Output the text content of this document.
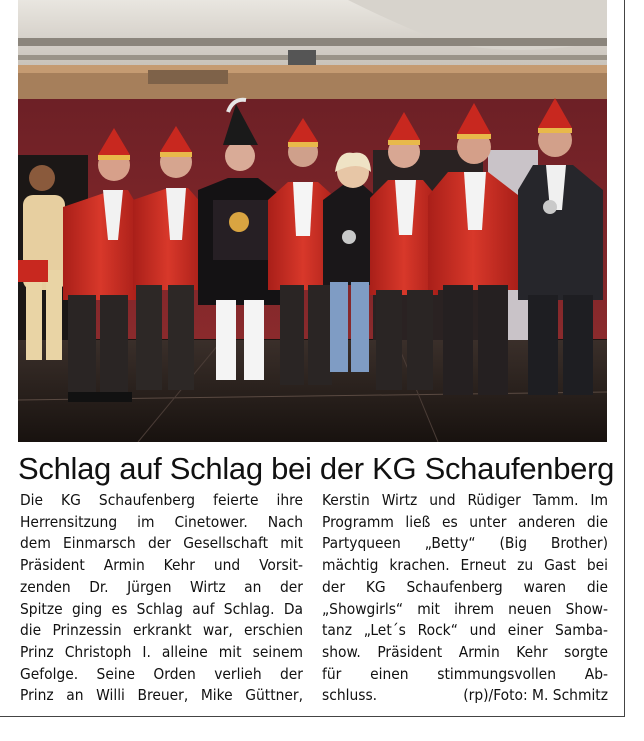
Schlag auf Schlag bei der KG Schaufenberg

Die KG Schaufenberg feierte ihre
Herrensitzung im Cinetower. Nach
dem Einmarsch der Gesellschaft mit
Präsident Armin Kehr und Vorsit-
zenden Dr. Jürgen Wirtz an der
Spitze ging es Schlag auf Schlag. Da
die Prinzessin erkrankt war, erschien
Prinz Christoph I. alleine mit seinem
Gefolge. Seine Orden verlieh der
Prinz an Willi Breuer, Mike Güttner,

Kerstin Wirtz und Rüdiger Tamm. Im
Programm ließ es unter anderen die
Partyqueen „Betty“ (Big Brother)
mächtig krachen. Erneut zu Gast bei
der KG Schaufenberg waren die
„Showgirls“ mit ihrem neuen Show-
tanz „Let´s Rock“ und einer Samba-
show. Präsident Armin Kehr sorgte
für einen stimmungsvollen Ab-
schluss.	(rp)/Foto: M. Schmitz
